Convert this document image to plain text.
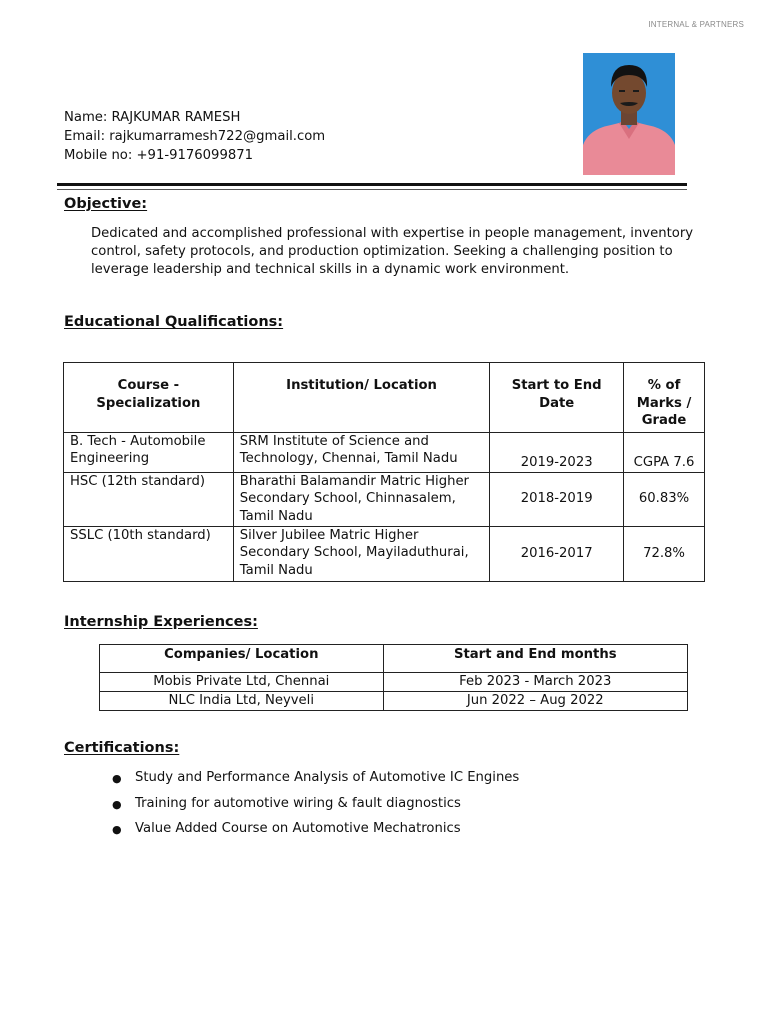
INTERNAL & PARTNERS
Name: RAJKUMAR RAMESH
Email: rajkumarramesh722@gmail.com
Mobile no: +91-9176099871
Objective:
Dedicated and accomplished professional with expertise in people management, inventory control, safety protocols, and production optimization. Seeking a challenging position to leverage leadership and technical skills in a dynamic work environment.
Educational Qualifications:
Course - Specialization	Institution/ Location	Start to End Date	% of Marks / Grade
B. Tech - Automobile Engineering	SRM Institute of Science and Technology, Chennai, Tamil Nadu	2019-2023	CGPA 7.6
HSC (12th standard)	Bharathi Balamandir Matric Higher Secondary School, Chinnasalem, Tamil Nadu	2018-2019	60.83%
SSLC (10th standard)	Silver Jubilee Matric Higher Secondary School, Mayiladuthurai, Tamil Nadu	2016-2017	72.8%
Internship Experiences:
Companies/ Location	Start and End months
Mobis Private Ltd, Chennai	Feb 2023 - March 2023
NLC India Ltd, Neyveli	Jun 2022 – Aug 2022
Certifications:
●	Study and Performance Analysis of Automotive IC Engines
●	Training for automotive wiring & fault diagnostics
●	Value Added Course on Automotive Mechatronics
